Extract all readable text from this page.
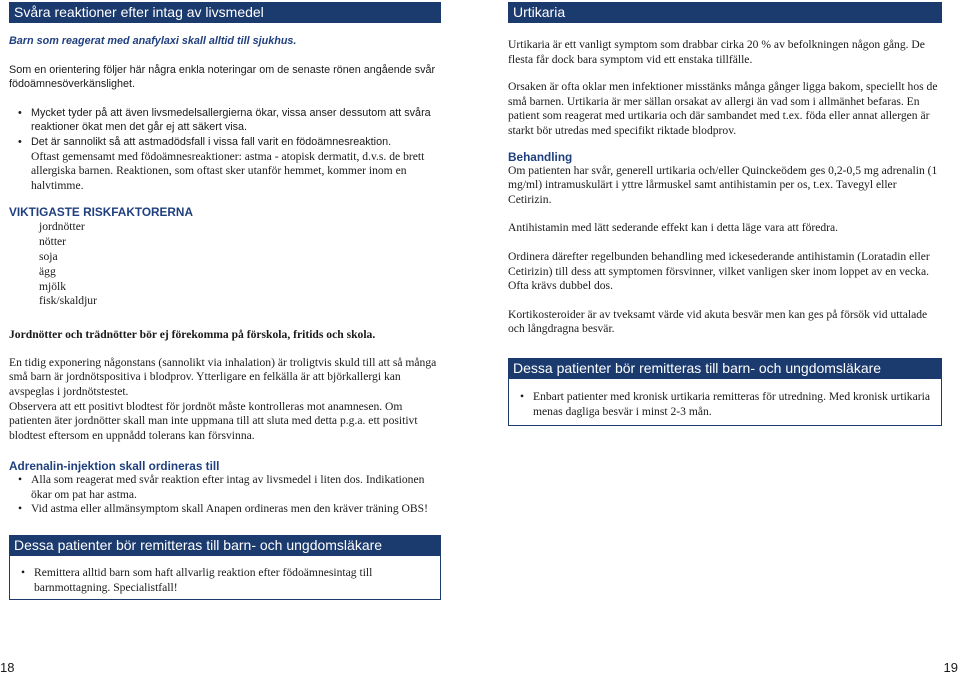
Svåra reaktioner efter intag av livsmedel

Barn som reagerat med anafylaxi skall alltid till sjukhus.

Som en orientering följer här några enkla noteringar om de senaste rönen angående svår födoämnesöverkänslighet.

• Mycket tyder på att även livsmedelsallergierna ökar, vissa anser dessutom att svåra reaktioner ökat men det går ej att säkert visa.
• Det är sannolikt så att astmadödsfall i vissa fall varit en födoämnesreaktion.

Oftast gemensamt med födoämnesreaktioner: astma - atopisk dermatit, d.v.s. de brett allergiska barnen. Reaktionen, som oftast sker utanför hemmet, kommer inom en halvtimme.

VIKTIGASTE RISKFAKTORERNA
jordnötter
nötter
soja
ägg
mjölk
fisk/skaldjur

Jordnötter och trädnötter bör ej förekomma på förskola, fritids och skola.

En tidig exponering någonstans (sannolikt via inhalation) är troligtvis skuld till att så många små barn är jordnötspositiva i blodprov. Ytterligare en felkälla är att björkallergi kan avspeglas i jordnötstestet.

Observera att ett positivt blodtest för jordnöt måste kontrolleras mot anamnesen. Om patienten äter jordnötter skall man inte uppmana till att sluta med detta p.g.a. ett positivt blodtest eftersom en uppnådd tolerans kan försvinna.

Adrenalin-injektion skall ordineras till
• Alla som reagerat med svår reaktion efter intag av livsmedel i liten dos. Indikationen ökar om pat har astma.
• Vid astma eller allmänsymptom skall Anapen ordineras men den kräver träning OBS!
Dessa patienter bör remitteras till barn- och ungdomsläkare
• Remittera alltid barn som haft allvarlig reaktion efter födoämnesintag till barnmottagning. Specialistfall!
Urtikaria

Urtikaria är ett vanligt symptom som drabbar cirka 20 % av befolkningen någon gång. De flesta får dock bara symptom vid ett enstaka tillfälle.

Orsaken är ofta oklar men infektioner misstänks många gånger ligga bakom, speciellt hos de små barnen. Urtikaria är mer sällan orsakat av allergi än vad som i allmänhet befaras. En patient som reagerat med urtikaria och där sambandet med t.ex. föda eller annat allergen är starkt bör utredas med specifikt riktade blodprov.

Behandling

Om patienten har svår, generell urtikaria och/eller Quinckeödem ges 0,2-0,5 mg adrenalin (1 mg/ml) intramuskulärt i yttre lårmuskel samt antihistamin per os, t.ex. Tavegyl eller Cetirizin.

Antihistamin med lätt sederande effekt kan i detta läge vara att föredra.

Ordinera därefter regelbunden behandling med ickesederande antihistamin (Loratadin eller Cetirizin) till dess att symptomen försvinner, vilket vanligen sker inom loppet av en vecka. Ofta krävs dubbel dos.

Kortikosteroider är av tveksamt värde vid akuta besvär men kan ges på försök vid uttalade och långdragna besvär.

Dessa patienter bör remitteras till barn- och ungdomsläkare
• Enbart patienter med kronisk urtikaria remitteras för utredning. Med kronisk urtikaria menas dagliga besvär i minst 2-3 mån.
18	19
